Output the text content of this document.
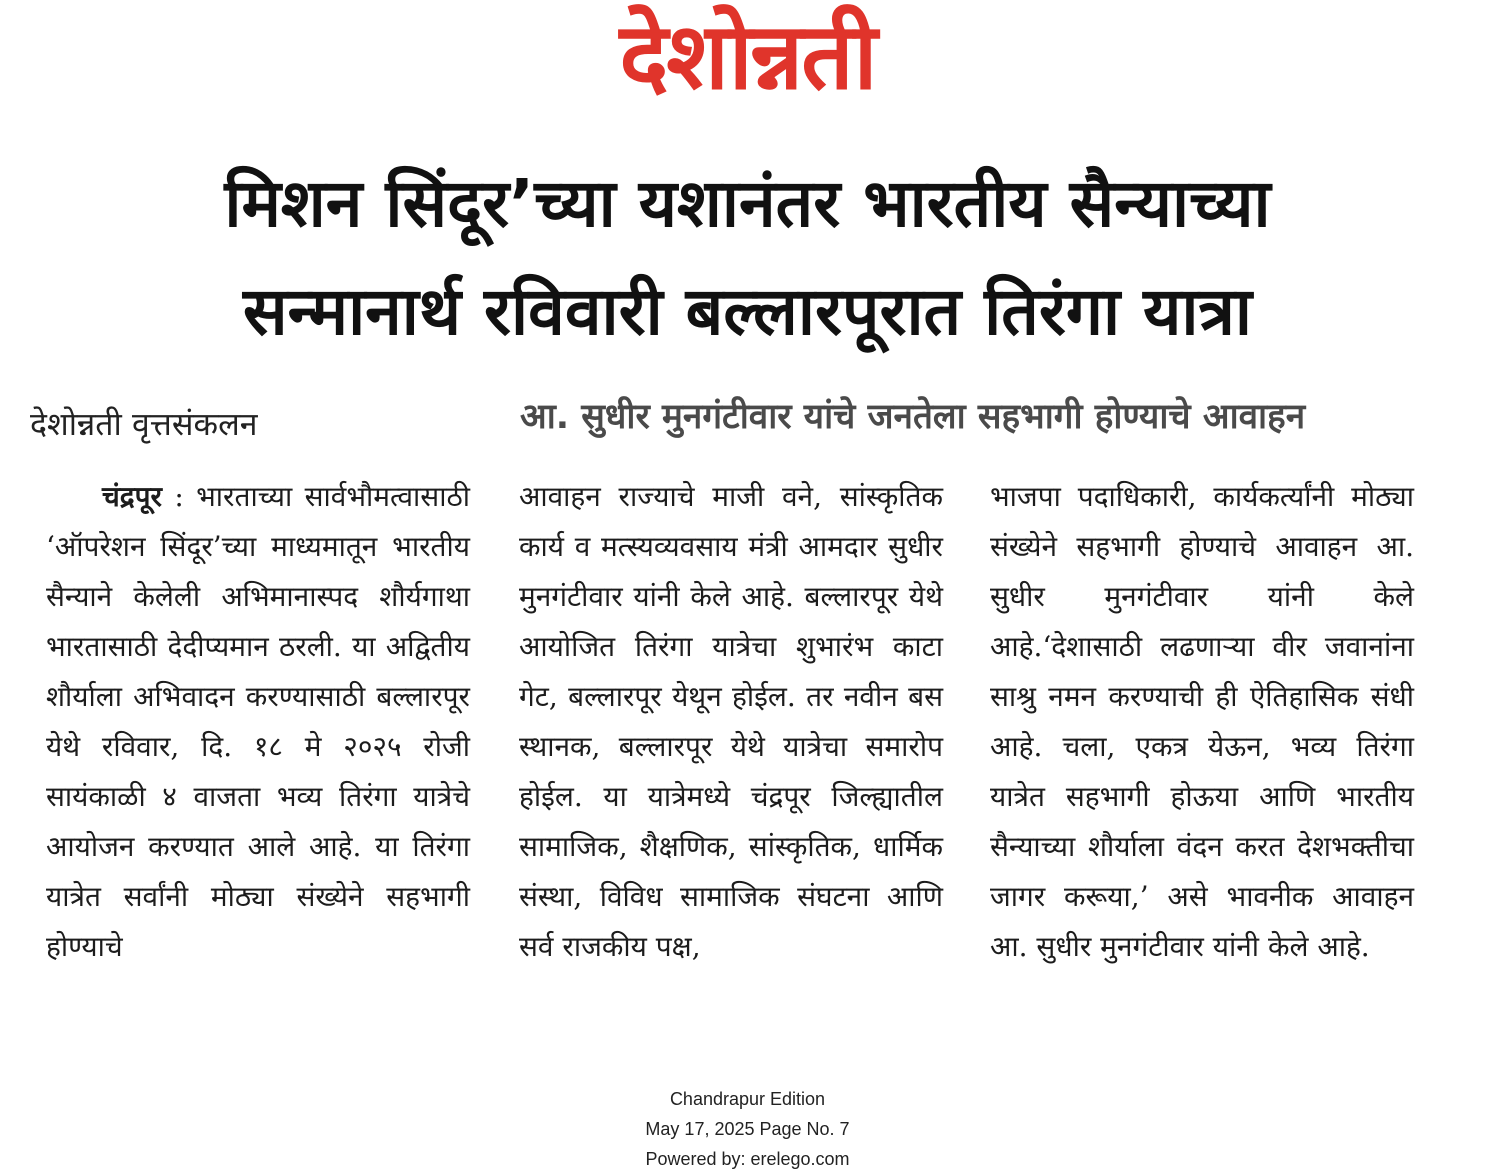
देशोन्नती
मिशन सिंदूर’च्या यशानंतर भारतीय सैन्याच्या
सन्मानार्थ रविवारी बल्लारपूरात तिरंगा यात्रा
देशोन्नती वृत्तसंकलन	आ. सुधीर मुनगंटीवार यांचे जनतेला सहभागी होण्याचे आवाहन
चंद्रपूर : भारताच्या सार्वभौमत्वासाठी ‘ऑपरेशन सिंदूर’च्या माध्यमातून भारतीय सैन्याने केलेली अभिमानास्पद शौर्यगाथा भारतासाठी देदीप्यमान ठरली. या अद्वितीय शौर्याला अभिवादन करण्यासाठी बल्लारपूर येथे रविवार, दि. १८ मे २०२५ रोजी सायंकाळी ४ वाजता भव्य तिरंगा यात्रेचे आयोजन करण्यात आले आहे. या तिरंगा यात्रेत सर्वांनी मोठ्या संख्येने सहभागी होण्याचे
आवाहन राज्याचे माजी वने, सांस्कृतिक कार्य व मत्स्यव्यवसाय मंत्री आमदार सुधीर मुनगंटीवार यांनी केले आहे. बल्लारपूर येथे आयोजित तिरंगा यात्रेचा शुभारंभ काटा गेट, बल्लारपूर येथून होईल. तर नवीन बस स्थानक, बल्लारपूर येथे यात्रेचा समारोप होईल. या यात्रेमध्ये चंद्रपूर जिल्ह्यातील सामाजिक, शैक्षणिक, सांस्कृतिक, धार्मिक संस्था, विविध सामाजिक संघटना आणि सर्व राजकीय पक्ष,
भाजपा पदाधिकारी, कार्यकर्त्यांनी मोठ्या संख्येने सहभागी होण्याचे आवाहन आ. सुधीर मुनगंटीवार यांनी केले आहे.‘देशासाठी लढणाऱ्या वीर जवानांना साश्रु नमन करण्याची ही ऐतिहासिक संधी आहे. चला, एकत्र येऊन, भव्य तिरंगा यात्रेत सहभागी होऊया आणि भारतीय सैन्याच्या शौर्याला वंदन करत देशभक्तीचा जागर करूया,’ असे भावनीक आवाहन आ. सुधीर मुनगंटीवार यांनी केले आहे.
Chandrapur Edition
May 17, 2025 Page No. 7
Powered by: erelego.com
